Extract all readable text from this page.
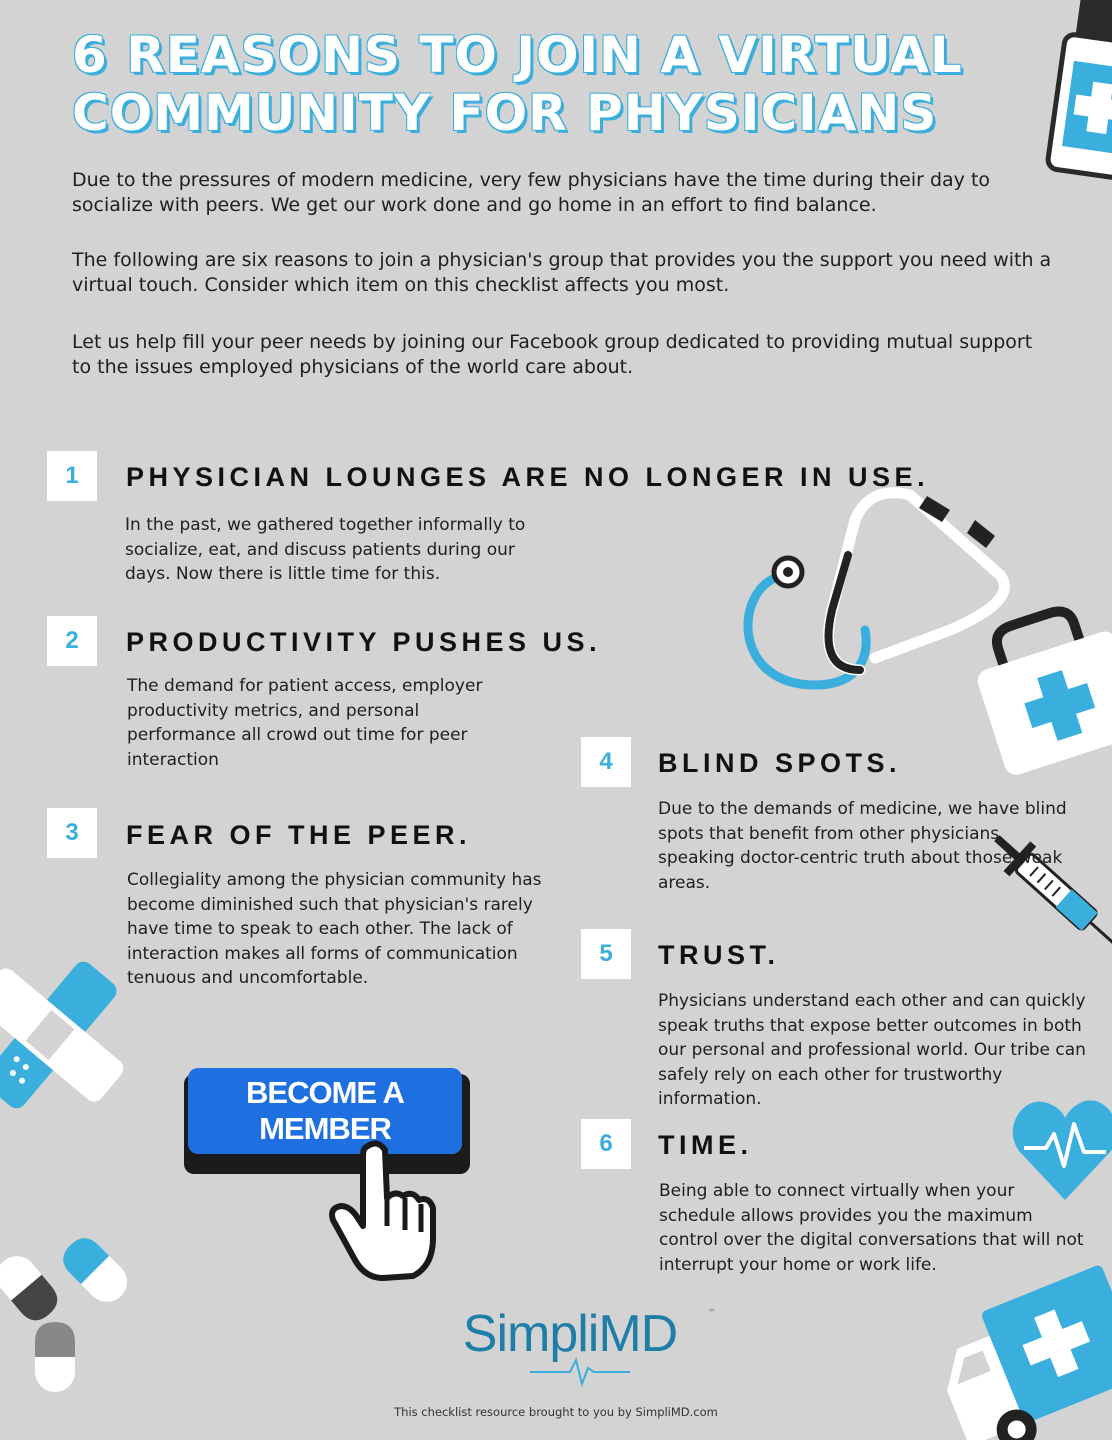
6 REASONS TO JOIN A VIRTUAL COMMUNITY FOR PHYSICIANS

Due to the pressures of modern medicine, very few physicians have the time during their day to socialize with peers. We get our work done and go home in an effort to find balance.

The following are six reasons to join a physician's group that provides you the support you need with a virtual touch. Consider which item on this checklist affects you most.

Let us help fill your peer needs by joining our Facebook group dedicated to providing mutual support to the issues employed physicians of the world care about.

1	PHYSICIAN LOUNGES ARE NO LONGER IN USE.

In the past, we gathered together informally to socialize, eat, and discuss patients during our days. Now there is little time for this.

2	PRODUCTIVITY PUSHES US.

The demand for patient access, employer productivity metrics, and personal performance all crowd out time for peer interaction

3	FEAR OF THE PEER.

Collegiality among the physician community has become diminished such that physician's rarely have time to speak to each other. The lack of interaction makes all forms of communication tenuous and uncomfortable.

4	BLIND SPOTS.

Due to the demands of medicine, we have blind spots that benefit from other physicians speaking doctor-centric truth about those weak areas.

5	TRUST.

Physicians understand each other and can quickly speak truths that expose better outcomes in both our personal and professional world. Our tribe can safely rely on each other for trustworthy information.

6	TIME.

Being able to connect virtually when your schedule allows provides you the maximum control over the digital conversations that will not interrupt your home or work life.

BECOME A MEMBER
SimpliMD	™
This checklist resource brought to you by SimpliMD.com
